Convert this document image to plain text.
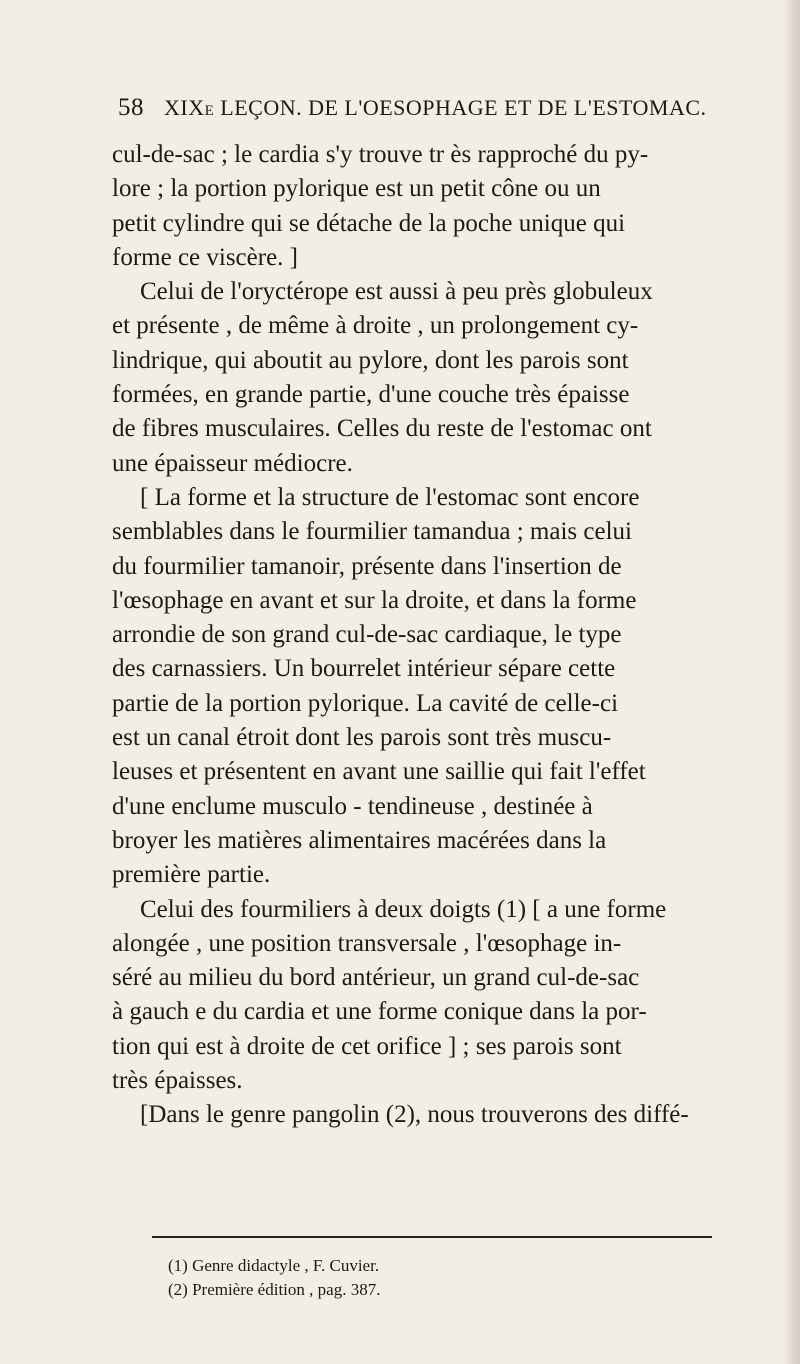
58 XIXe LEÇON. DE L'OESOPHAGE ET DE L'ESTOMAC.
cul-de-sac ; le cardia s'y trouve tr ès rapproché du py-
lore ; la portion pylorique est un petit cône ou un
petit cylindre qui se détache de la poche unique qui
forme ce viscère. ]
Celui de l'oryctérope est aussi à peu près globuleux
et présente , de même à droite , un prolongement cy-
lindrique, qui aboutit au pylore, dont les parois sont
formées, en grande partie, d'une couche très épaisse
de fibres musculaires. Celles du reste de l'estomac ont
une épaisseur médiocre.
[ La forme et la structure de l'estomac sont encore
semblables dans le fourmilier tamandua ; mais celui
du fourmilier tamanoir, présente dans l'insertion de
l'œsophage en avant et sur la droite, et dans la forme
arrondie de son grand cul-de-sac cardiaque, le type
des carnassiers. Un bourrelet intérieur sépare cette
partie de la portion pylorique. La cavité de celle-ci
est un canal étroit dont les parois sont très muscu-
leuses et présentent en avant une saillie qui fait l'effet
d'une enclume musculo - tendineuse , destinée à
broyer les matières alimentaires macérées dans la
première partie.
Celui des fourmiliers à deux doigts (1) [ a une forme
alongée , une position transversale , l'œsophage in-
séré au milieu du bord antérieur, un grand cul-de-sac
à gauch e du cardia et une forme conique dans la por-
tion qui est à droite de cet orifice ] ; ses parois sont
très épaisses.
[Dans le genre pangolin (2), nous trouverons des diffé-
(1) Genre didactyle , F. Cuvier.
(2) Première édition , pag. 387.
